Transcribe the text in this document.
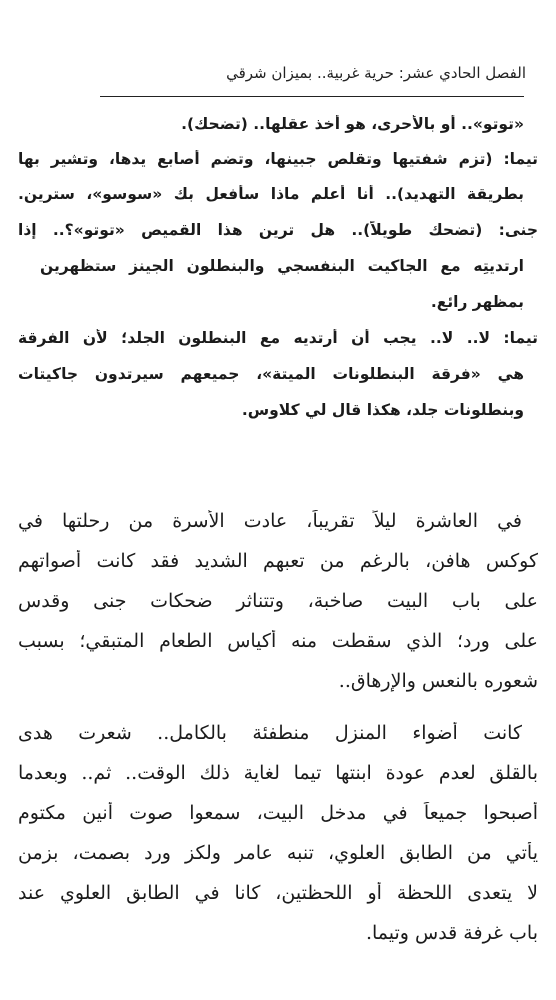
الفصل الحادي عشر: حرية غربية.. بميزان شرقي
«توتو».. أو بالأحرى، هو أخذ عقلها.. (تضحك).
تيما: (تزم شفتيها وتقلص جبينها، وتضم أصابع يدها، وتشير بها
بطريقة التهديد).. أنا أعلم ماذا سأفعل بك «سوسو»، سترين.
جنى: (تضحك طويلاً).. هل ترين هذا القميص «توتو»؟.. إذا
ارتديتِه مع الجاكيت البنفسجي والبنطلون الجينز ستظهرين
بمظهر رائع.
تيما: لا.. لا.. يجب أن أرتديه مع البنطلون الجلد؛ لأن الفرقة
هي «فرقة البنطلونات الميتة»، جميعهم سيرتدون جاكيتات
وبنطلونات جلد، هكذا قال لي كلاوس.
في العاشرة ليلاً تقريباً، عادت الأسرة من رحلتها في
كوكس هافن، بالرغم من تعبهم الشديد فقد كانت أصواتهم
على باب البيت صاخبة، وتتناثر ضحكات جنى وقدس
على ورد؛ الذي سقطت منه أكياس الطعام المتبقي؛ بسبب
شعوره بالنعس والإرهاق..
كانت أضواء المنزل منطفئة بالكامل.. شعرت هدى
بالقلق لعدم عودة ابنتها تيما لغاية ذلك الوقت.. ثم.. وبعدما
أصبحوا جميعاً في مدخل البيت، سمعوا صوت أنين مكتوم
يأتي من الطابق العلوي، تنبه عامر ولكز ورد بصمت، بزمن
لا يتعدى اللحظة أو اللحظتين، كانا في الطابق العلوي عند
باب غرفة قدس وتيما.
